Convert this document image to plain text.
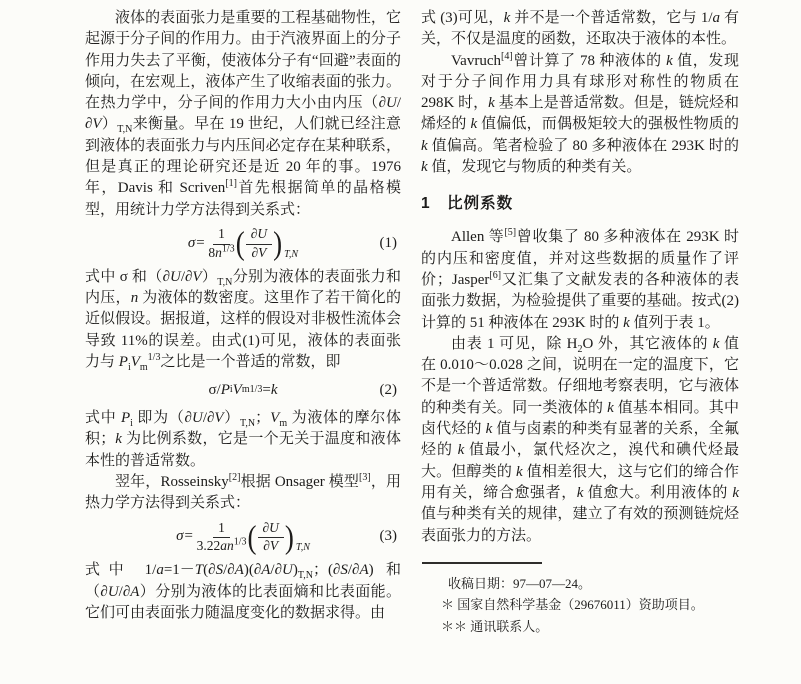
液体的表面张力是重要的工程基础物性，它起源于分子间的作用力。由于汽液界面上的分子作用力失去了平衡，使液体分子有“回避”表面的倾向，在宏观上，液体产生了收缩表面的张力。在热力学中，分子间的作用力大小由内压$(\partial U/\partial V)_{T,N}$来衡量。早在 19 世纪，人们就已经注意到液体的表面张力与内压间必定存在某种联系，但是真正的理论研究还是近 20 年的事。1976 年，Davis 和 Scriven[1]首先根据简单的晶格模型，用统计力学方法得到关系式：

$\sigma= \frac{1}{8n^{1/3}}$ ( $\frac{\partial U}{\partial V}$ ) T,N
(1)

式中 σ 和$(\partial U/\partial V)_{T,N}$分别为液体的表面张力和内压，n 为液体的数密度。这里作了若干简化的近似假设。据报道，这样的假设对非极性流体会导致 11%的误差。由式(1)可见，液体的表面张力与 $P_iV_m^{1/3}$之比是一个普适的常数，即

σ/ P i V m 1/3 = k	(2)

式中 $P_i$ 即为$(\partial U/\partial V)_{T,N}$；$V_m$ 为液体的摩尔体积；k 为比例系数，它是一个无关于温度和液体本性的普适常数。

翌年，Rosseinsky[2]根据 Onsager 模型[3]，用热力学方法得到关系式：

$\sigma= \frac{1}{3.22an^{1/3}}$ ( $\frac{\partial U}{\partial V}$ ) T,N
(3)

式中 $1/a=1-T(\partial S/\partial A)(\partial A/\partial U)_{T,N}$；(∂S/∂A) 和（∂U/∂A）分别为液体的比表面熵和比表面能。它们可由表面张力随温度变化的数据求得。由

式 (3)可见，k 并不是一个普适常数，它与 1/a 有关，不仅是温度的函数，还取决于液体的本性。

Vavruch[4]曾计算了 78 种液体的 k 值，发现对于分子间作用力具有球形对称性的物质在 298K 时，k 基本上是普适常数。但是，链烷烃和烯烃的 k 值偏低，而偶极矩较大的强极性物质的 k 值偏高。笔者检验了 80 多种液体在 293K 时的 k 值，发现它与物质的种类有关。

1　比例系数

Allen 等[5]曾收集了 80 多种液体在 293K 时的内压和密度值，并对这些数据的质量作了评价；Jasper[6]又汇集了文献发表的各种液体的表面张力数据，为检验提供了重要的基础。按式(2)计算的 51 种液体在 293K 时的 k 值列于表 1。

由表 1 可见，除 $H_2O$ 外，其它液体的 k 值在 0.010～0.028 之间，说明在一定的温度下，它不是一个普适常数。仔细地考察表明，它与液体的种类有关。同一类液体的 k 值基本相同。其中卤代烃的 k 值与卤素的种类有显著的关系，全氟烃的 k 值最小，氯代烃次之，溴代和碘代烃最大。但醇类的 k 值相差很大，这与它们的缔合作用有关，缔合愈强者，k 值愈大。利用液体的 k 值与种类有关的规律，建立了有效的预测链烷烃表面张力的方法。

收稿日期：97—07—24。

＊ 国家自然科学基金（29676011）资助项目。

＊＊ 通讯联系人。
